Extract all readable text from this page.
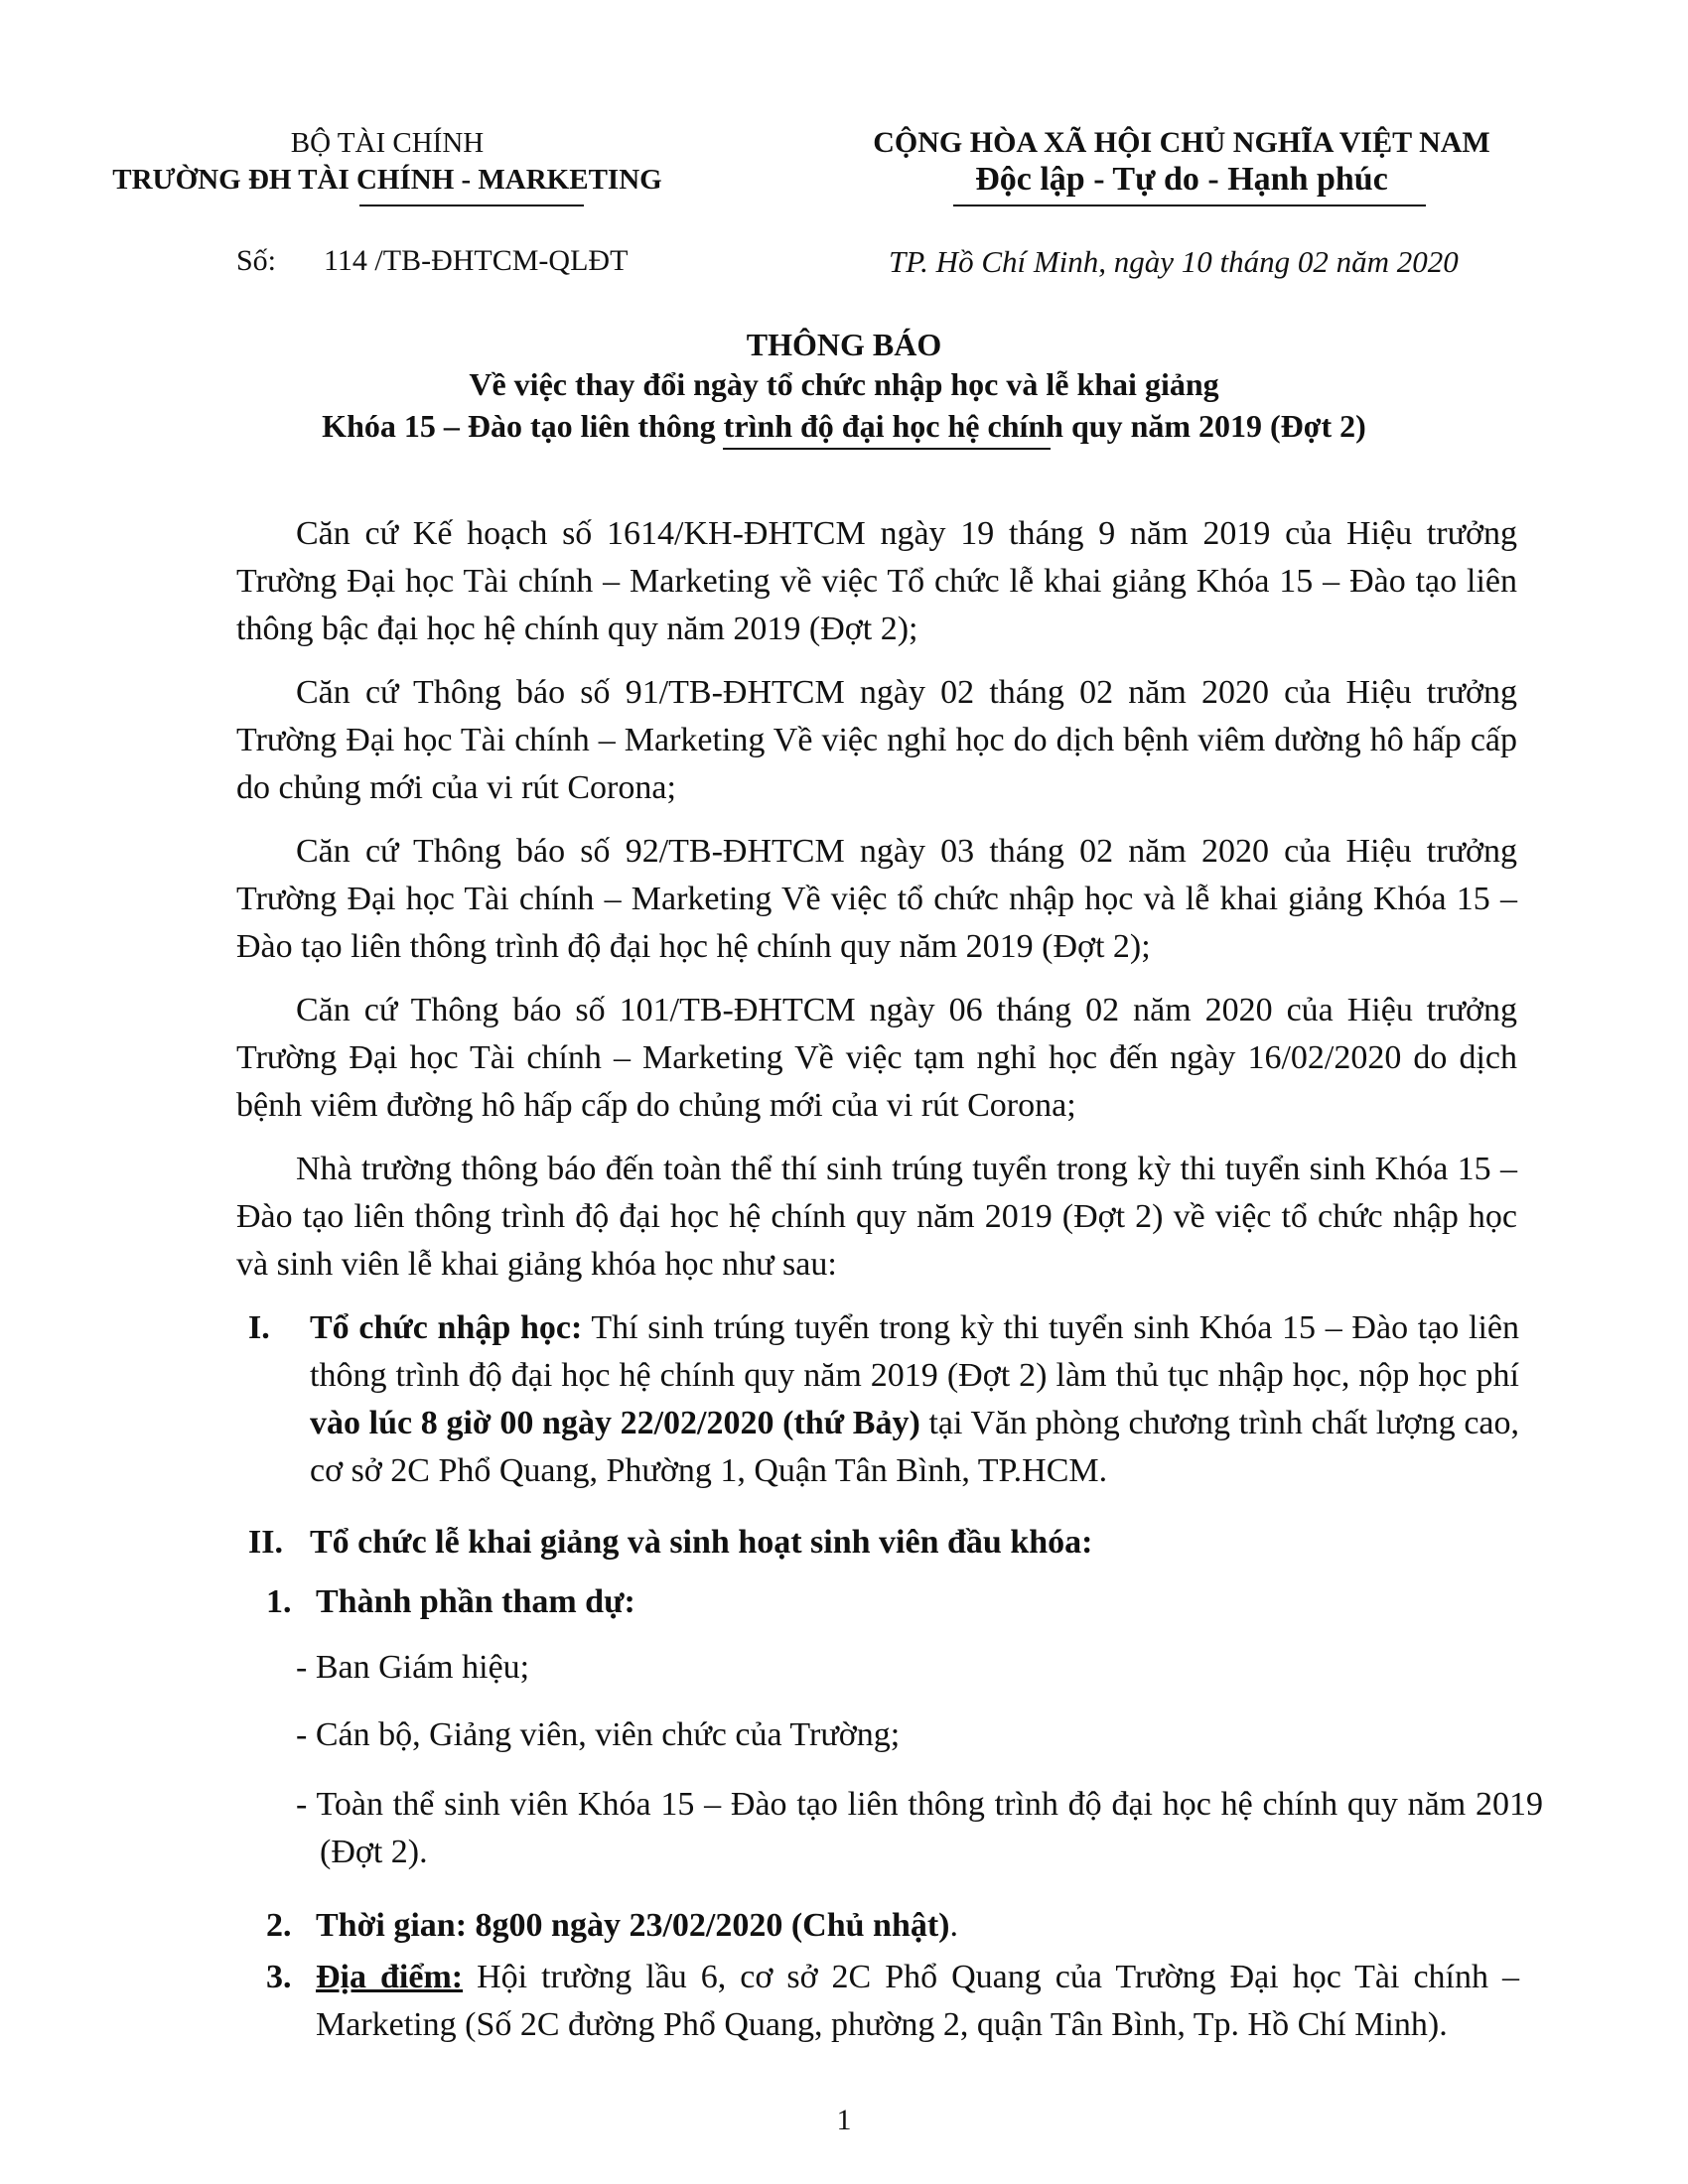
BỘ TÀI CHÍNH
TRƯỜNG ĐH TÀI CHÍNH - MARKETING
CỘNG HÒA XÃ HỘI CHỦ NGHĨA VIỆT NAM
Độc lập - Tự do - Hạnh phúc
Số: 114 /TB-ĐHTCM-QLĐT	TP. Hồ Chí Minh, ngày 10 tháng 02 năm 2020
THÔNG BÁO
Về việc thay đổi ngày tổ chức nhập học và lễ khai giảng
Khóa 15 – Đào tạo liên thông trình độ đại học hệ chính quy năm 2019 (Đợt 2)
Căn cứ Kế hoạch số 1614/KH-ĐHTCM ngày 19 tháng 9 năm 2019 của Hiệu trưởng Trường Đại học Tài chính – Marketing về việc Tổ chức lễ khai giảng Khóa 15 – Đào tạo liên thông bậc đại học hệ chính quy năm 2019 (Đợt 2);
Căn cứ Thông báo số 91/TB-ĐHTCM ngày 02 tháng 02 năm 2020 của Hiệu trưởng Trường Đại học Tài chính – Marketing Về việc nghỉ học do dịch bệnh viêm dường hô hấp cấp do chủng mới của vi rút Corona;
Căn cứ Thông báo số 92/TB-ĐHTCM ngày 03 tháng 02 năm 2020 của Hiệu trưởng Trường Đại học Tài chính – Marketing Về việc tổ chức nhập học và lễ khai giảng Khóa 15 – Đào tạo liên thông trình độ đại học hệ chính quy năm 2019 (Đợt 2);
Căn cứ Thông báo số 101/TB-ĐHTCM ngày 06 tháng 02 năm 2020 của Hiệu trưởng Trường Đại học Tài chính – Marketing Về việc tạm nghỉ học đến ngày 16/02/2020 do dịch bệnh viêm đường hô hấp cấp do chủng mới của vi rút Corona;
Nhà trường thông báo đến toàn thể thí sinh trúng tuyển trong kỳ thi tuyển sinh Khóa 15 – Đào tạo liên thông trình độ đại học hệ chính quy năm 2019 (Đợt 2) về việc tổ chức nhập học và sinh viên lễ khai giảng khóa học như sau:
I. Tổ chức nhập học: Thí sinh trúng tuyển trong kỳ thi tuyển sinh Khóa 15 – Đào tạo liên thông trình độ đại học hệ chính quy năm 2019 (Đợt 2) làm thủ tục nhập học, nộp học phí vào lúc 8 giờ 00 ngày 22/02/2020 (thứ Bảy) tại Văn phòng chương trình chất lượng cao, cơ sở 2C Phổ Quang, Phường 1, Quận Tân Bình, TP.HCM.
II. Tổ chức lễ khai giảng và sinh hoạt sinh viên đầu khóa:
1. Thành phần tham dự:
- Ban Giám hiệu;
- Cán bộ, Giảng viên, viên chức của Trường;
- Toàn thể sinh viên Khóa 15 – Đào tạo liên thông trình độ đại học hệ chính quy năm 2019 (Đợt 2).
2. Thời gian: 8g00 ngày 23/02/2020 (Chủ nhật).
3. Địa điểm: Hội trường lầu 6, cơ sở 2C Phổ Quang của Trường Đại học Tài chính – Marketing (Số 2C đường Phổ Quang, phường 2, quận Tân Bình, Tp. Hồ Chí Minh).
1
